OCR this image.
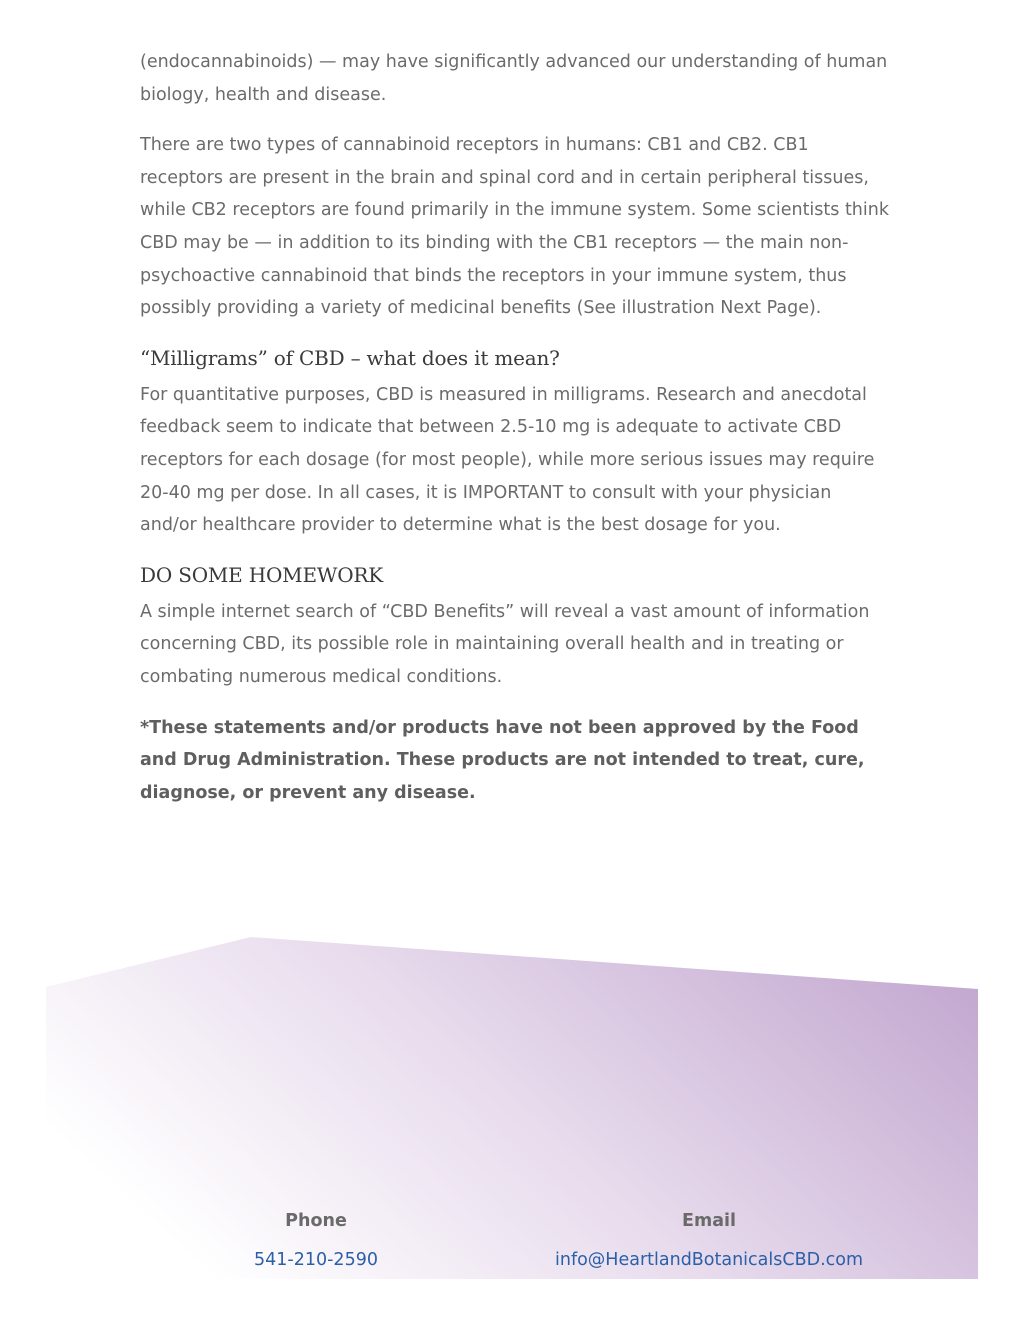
(endocannabinoids) — may have significantly advanced our understanding of human biology, health and disease.

There are two types of cannabinoid receptors in humans: CB1 and CB2. CB1 receptors are present in the brain and spinal cord and in certain peripheral tissues, while CB2 receptors are found primarily in the immune system. Some scientists think CBD may be — in addition to its binding with the CB1 receptors — the main non-psychoactive cannabinoid that binds the receptors in your immune system, thus possibly providing a variety of medicinal benefits (See illustration Next Page).

“Milligrams” of CBD – what does it mean?

For quantitative purposes, CBD is measured in milligrams. Research and anecdotal feedback seem to indicate that between 2.5-10 mg is adequate to activate CBD receptors for each dosage (for most people), while more serious issues may require 20-40 mg per dose. In all cases, it is IMPORTANT to consult with your physician and/or healthcare provider to determine what is the best dosage for you.

DO SOME HOMEWORK

A simple internet search of “CBD Benefits” will reveal a vast amount of information concerning CBD, its possible role in maintaining overall health and in treating or combating numerous medical conditions.

*These statements and/or products have not been approved by the Food and Drug Administration. These products are not intended to treat, cure, diagnose, or prevent any disease.

Phone
541-210-2590
Email
info@HeartlandBotanicalsCBD.com
